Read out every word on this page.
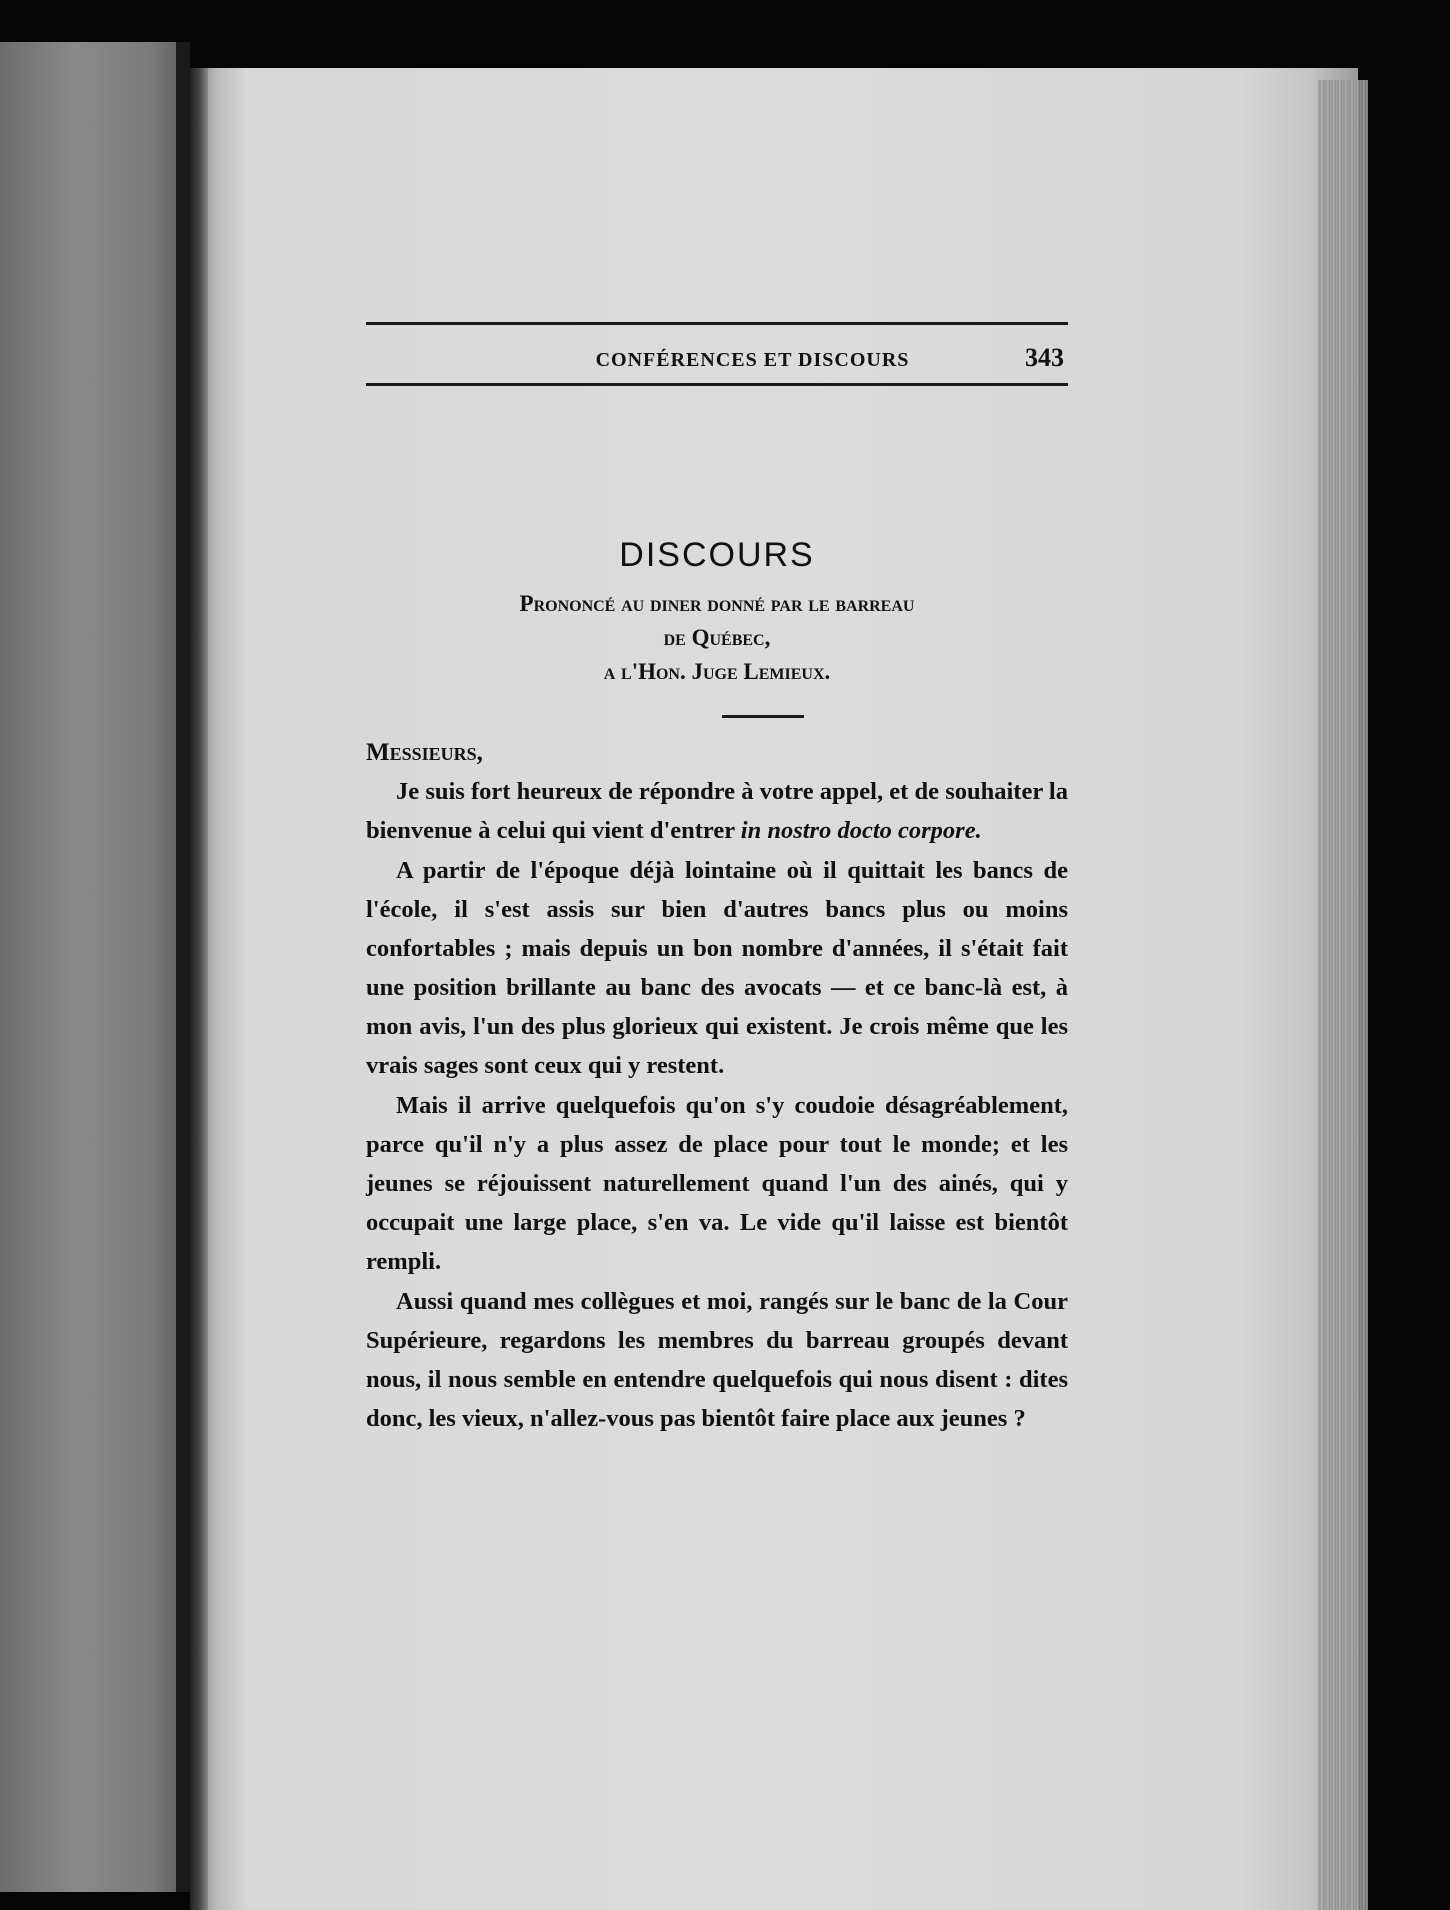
CONFÉRENCES ET DISCOURS	343
DISCOURS
Prononcé au diner donné par le barreau
de Québec,
a l'Hon. Juge Lemieux.
Messieurs,

Je suis fort heureux de répondre à votre appel, et de souhaiter la bienvenue à celui qui vient d'entrer in nostro docto corpore.

A partir de l'époque déjà lointaine où il quittait les bancs de l'école, il s'est assis sur bien d'autres bancs plus ou moins confortables ; mais depuis un bon nombre d'années, il s'était fait une position brillante au banc des avocats — et ce banc-là est, à mon avis, l'un des plus glorieux qui existent. Je crois même que les vrais sages sont ceux qui y restent.

Mais il arrive quelquefois qu'on s'y coudoie désagréablement, parce qu'il n'y a plus assez de place pour tout le monde; et les jeunes se réjouissent naturellement quand l'un des ainés, qui y occupait une large place, s'en va. Le vide qu'il laisse est bientôt rempli.

Aussi quand mes collègues et moi, rangés sur le banc de la Cour Supérieure, regardons les membres du barreau groupés devant nous, il nous semble en entendre quelquefois qui nous disent : dites donc, les vieux, n'allez-vous pas bientôt faire place aux jeunes ?
